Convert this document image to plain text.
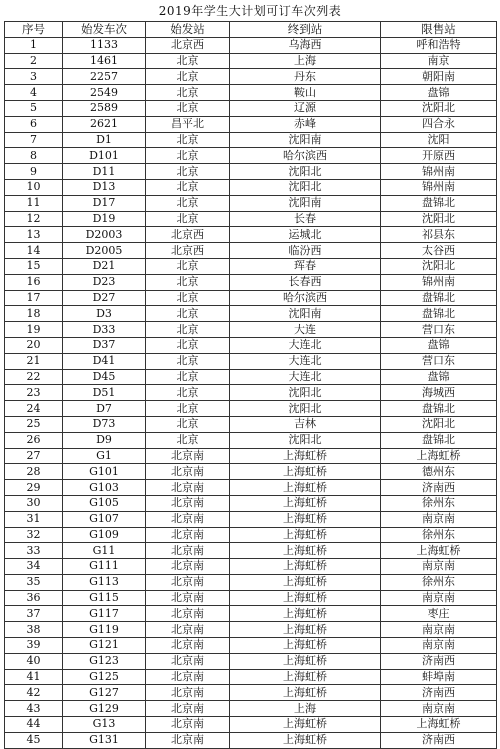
2019年学生大计划可订车次列表
序号	始发车次	始发站	终到站	限售站
1	1133	北京西	乌海西	呼和浩特
2	1461	北京	上海	南京
3	2257	北京	丹东	朝阳南
4	2549	北京	鞍山	盘锦
5	2589	北京	辽源	沈阳北
6	2621	昌平北	赤峰	四合永
7	D1	北京	沈阳南	沈阳
8	D101	北京	哈尔滨西	开原西
9	D11	北京	沈阳北	锦州南
10	D13	北京	沈阳北	锦州南
11	D17	北京	沈阳南	盘锦北
12	D19	北京	长春	沈阳北
13	D2003	北京西	运城北	祁县东
14	D2005	北京西	临汾西	太谷西
15	D21	北京	珲春	沈阳北
16	D23	北京	长春西	锦州南
17	D27	北京	哈尔滨西	盘锦北
18	D3	北京	沈阳南	盘锦北
19	D33	北京	大连	营口东
20	D37	北京	大连北	盘锦
21	D41	北京	大连北	营口东
22	D45	北京	大连北	盘锦
23	D51	北京	沈阳北	海城西
24	D7	北京	沈阳北	盘锦北
25	D73	北京	吉林	沈阳北
26	D9	北京	沈阳北	盘锦北
27	G1	北京南	上海虹桥	上海虹桥
28	G101	北京南	上海虹桥	德州东
29	G103	北京南	上海虹桥	济南西
30	G105	北京南	上海虹桥	徐州东
31	G107	北京南	上海虹桥	南京南
32	G109	北京南	上海虹桥	徐州东
33	G11	北京南	上海虹桥	上海虹桥
34	G111	北京南	上海虹桥	南京南
35	G113	北京南	上海虹桥	徐州东
36	G115	北京南	上海虹桥	南京南
37	G117	北京南	上海虹桥	枣庄
38	G119	北京南	上海虹桥	南京南
39	G121	北京南	上海虹桥	南京南
40	G123	北京南	上海虹桥	济南西
41	G125	北京南	上海虹桥	蚌埠南
42	G127	北京南	上海虹桥	济南西
43	G129	北京南	上海	南京南
44	G13	北京南	上海虹桥	上海虹桥
45	G131	北京南	上海虹桥	济南西
